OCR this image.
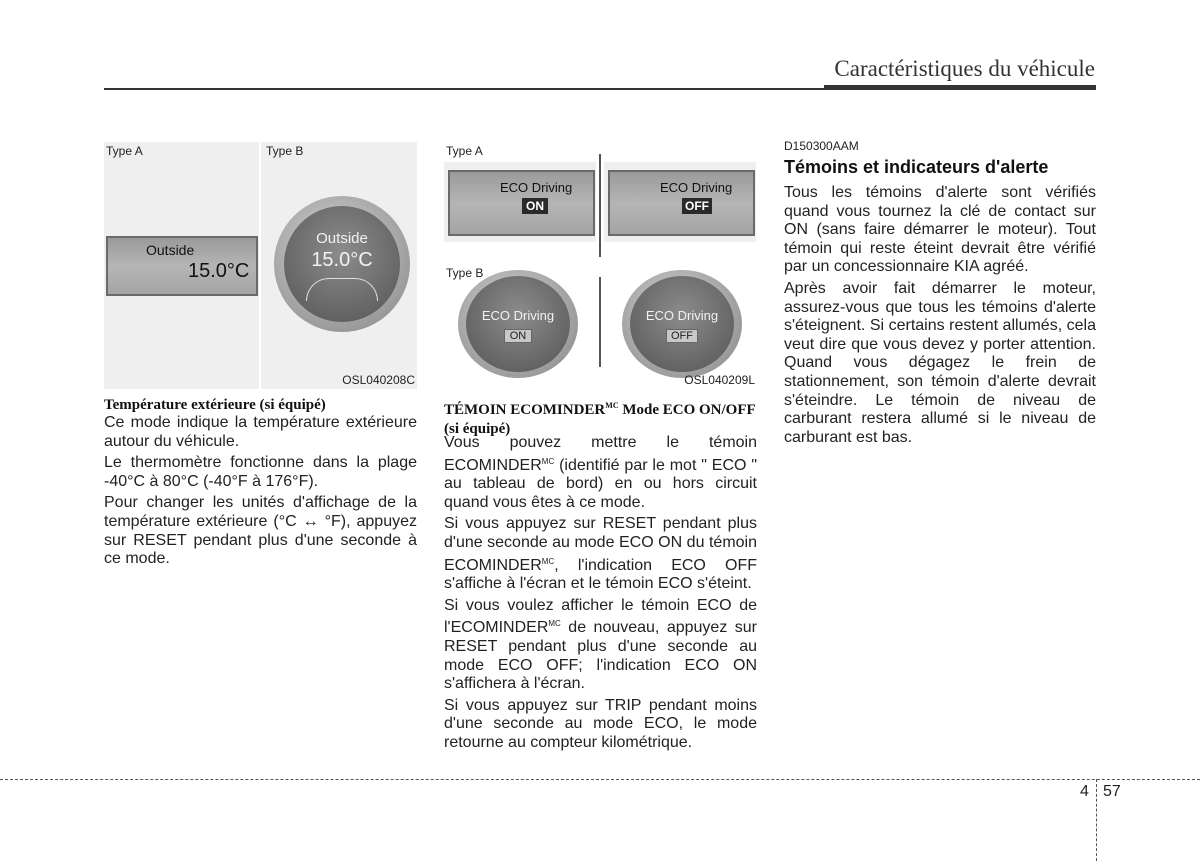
Caractéristiques du véhicule
Type A	Type B
Outside
15.0°C
Outside
15.0°C
OSL040208C
Température extérieure (si équipé)

Ce mode indique la température extérieure autour du véhicule.

Le thermomètre fonctionne dans la plage -40°C à 80°C (-40°F à 176°F).

Pour changer les unités d'affichage de la température extérieure (°C ↔ °F), appuyez sur RESET pendant plus d'une seconde à ce mode.

Type A
Type B
ECO Driving
ON
ECO Driving
OFF
ECO Driving
ON
ECO Driving
OFF
OSL040209L
TÉMOIN $ECOMINDER^{MC}$ Mode ECO ON/OFF (si équipé)

Vous pouvez mettre le témoin $ECOMINDER^{MC}$ (identifié par le mot " ECO " au tableau de bord) en ou hors circuit quand vous êtes à ce mode.

Si vous appuyez sur RESET pendant plus d'une seconde au mode ECO ON du témoin $ECOMINDER^{MC}$, l'indication ECO OFF s'affiche à l'écran et le témoin ECO s'éteint.

Si vous voulez afficher le témoin ECO de $l'ECOMINDER^{MC}$ de nouveau, appuyez sur RESET pendant plus d'une seconde au mode ECO OFF; l'indication ECO ON s'affichera à l'écran.

Si vous appuyez sur TRIP pendant moins d'une seconde au mode ECO, le mode retourne au compteur kilométrique.

D150300AAM
Témoins et indicateurs d'alerte

Tous les témoins d'alerte sont vérifiés quand vous tournez la clé de contact sur ON (sans faire démarrer le moteur). Tout témoin qui reste éteint devrait être vérifié par un concessionnaire KIA agréé.

Après avoir fait démarrer le moteur, assurez-vous que tous les témoins d'alerte s'éteignent. Si certains restent allumés, cela veut dire que vous devez y porter attention. Quand vous dégagez le frein de stationnement, son témoin d'alerte devrait s'éteindre. Le témoin de niveau de carburant restera allumé si le niveau de carburant est bas.

4 57
